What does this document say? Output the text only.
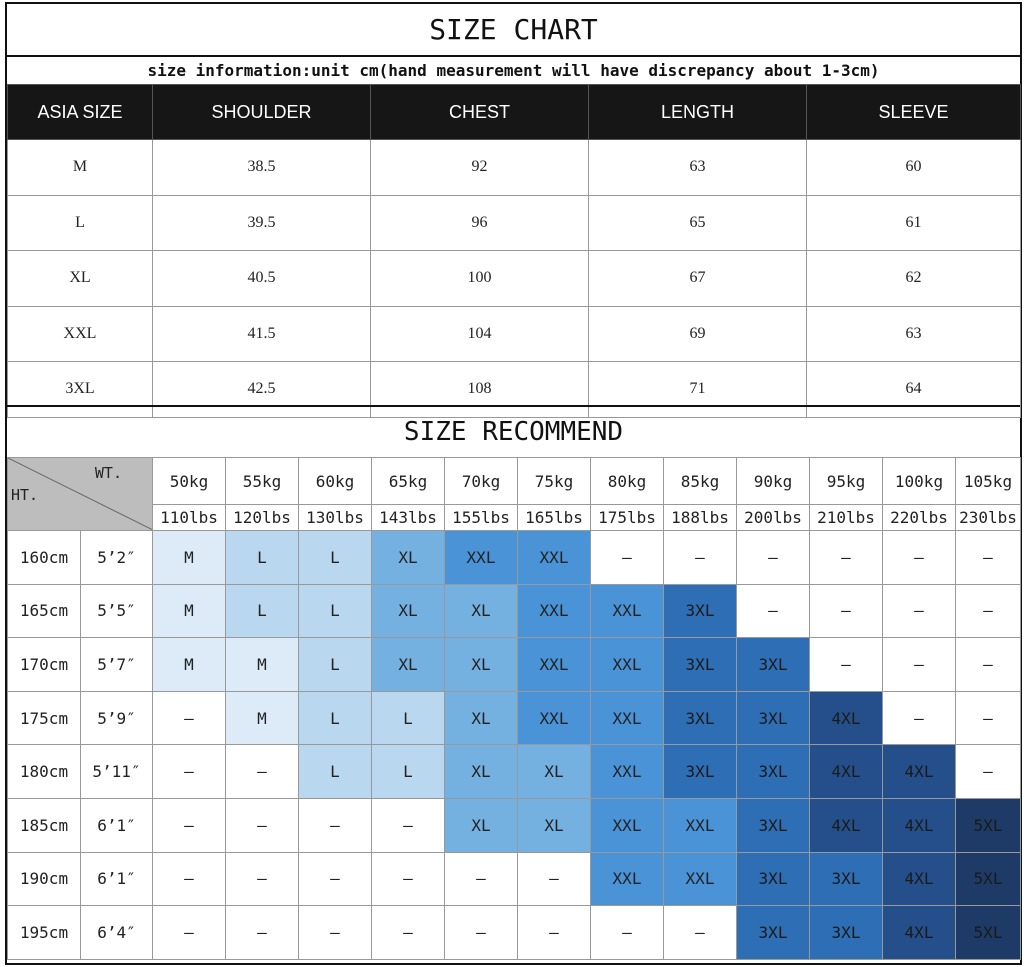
SIZE CHART
size information:unit cm(hand measurement will have discrepancy about 1-3cm)
ASIA SIZE	SHOULDER	CHEST	LENGTH	SLEEVE
M	38.5	92	63	60
L	39.5	96	65	61
XL	40.5	100	67	62
XXL	41.5	104	69	63
3XL	42.5	108	71	64
SIZE RECOMMEND
WT.
HT.		50kg	55kg	60kg	65kg	70kg	75kg	80kg	85kg	90kg	95kg	100kg	105kg
		110lbs	120lbs	130lbs	143lbs	155lbs	165lbs	175lbs	188lbs	200lbs	210lbs	220lbs	230lbs
160cm	5’2″	M	L	L	XL	XXL	XXL	–	–	–	–	–	–
165cm	5’5″	M	L	L	XL	XL	XXL	XXL	3XL	–	–	–	–
170cm	5’7″	M	M	L	XL	XL	XXL	XXL	3XL	3XL	–	–	–
175cm	5’9″	–	M	L	L	XL	XXL	XXL	3XL	3XL	4XL	–	–
180cm	5’11″	–	–	L	L	XL	XL	XXL	3XL	3XL	4XL	4XL	–
185cm	6’1″	–	–	–	–	XL	XL	XXL	XXL	3XL	4XL	4XL	5XL
190cm	6’1″	–	–	–	–	–	–	XXL	XXL	3XL	3XL	4XL	5XL
195cm	6’4″	–	–	–	–	–	–	–	–	3XL	3XL	4XL	5XL
